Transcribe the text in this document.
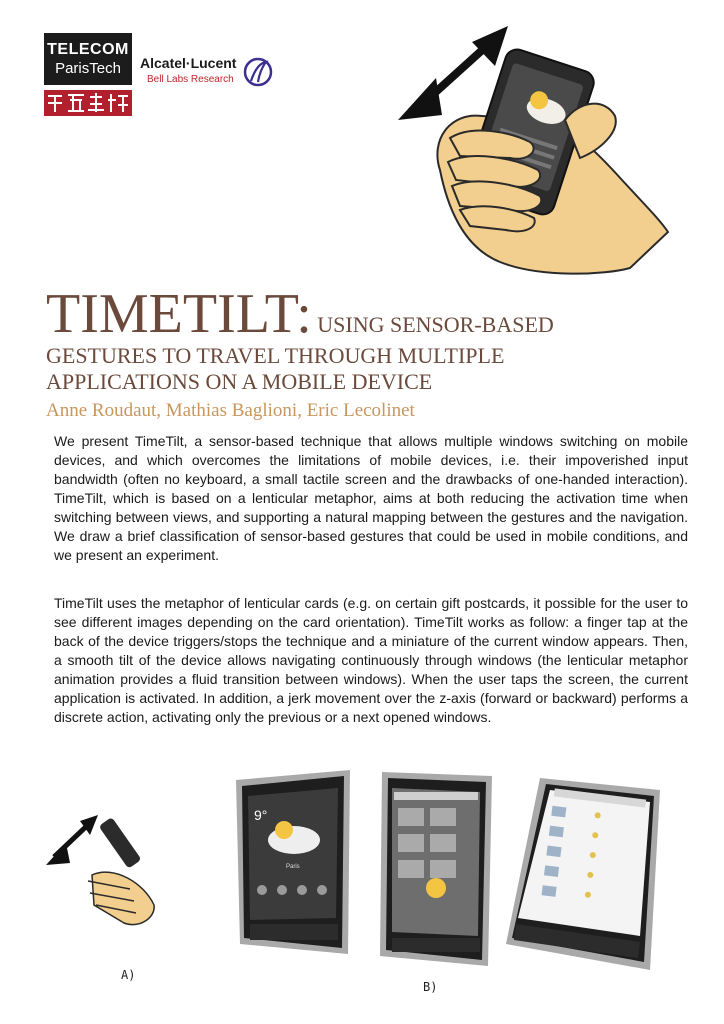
TELECOM
ParisTech	Alcatel·Lucent
Bell Labs Research
TIMETILT: USING SENSOR-BASED
GESTURES TO TRAVEL THROUGH MULTIPLE
APPLICATIONS ON A MOBILE DEVICE
Anne Roudaut, Mathias Baglioni, Eric Lecolinet

We present TimeTilt, a sensor-based technique that allows multiple windows switching on mobile devices, and which overcomes the limitations of mobile devices, i.e. their impoverished input bandwidth (often no keyboard, a small tactile screen and the drawbacks of one-handed interaction). TimeTilt, which is based on a lenticular metaphor, aims at both reducing the activation time when switching between views, and supporting a natural mapping between the gestures and the navigation. We draw a brief classification of sensor-based gestures that could be used in mobile conditions, and we present an experiment.

TimeTilt uses the metaphor of lenticular cards (e.g. on certain gift postcards, it possible for the user to see different images depending on the card orientation). TimeTilt works as follow: a finger tap at the back of the device triggers/stops the technique and a miniature of the current window appears. Then, a smooth tilt of the device allows navigating continuously through windows (the lenticular metaphor animation provides a fluid transition between windows). When the user taps the screen, the current application is activated. In addition, a jerk movement over the z-axis (forward or backward) performs a discrete action, activating only the previous or a next opened windows.

A)
9°
Paris
B)
